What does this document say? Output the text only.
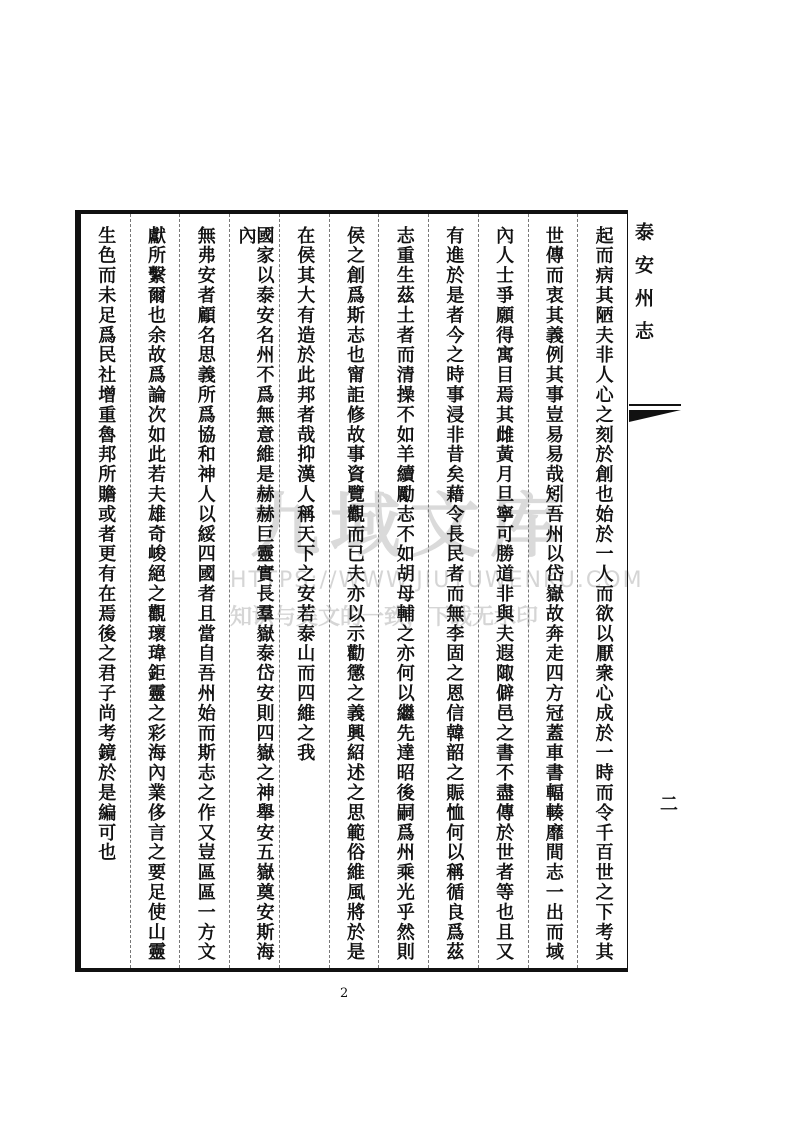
九域文库
HTTPS://WWW.JIUYUWENKU.COM
知识与美文的一致，下载无水印	起而病其陋夫非人心之刻於創也始於一人而欲以厭衆心成於一時而令千百世之下考其
世傳而衷其義例其事豈易易哉矧吾州以岱嶽故奔走四方冠蓋車書輻輳靡間志一出而域
內人士爭願得寓目焉其雌黃月旦寧可勝道非與夫遐陬僻邑之書不盡傳於世者等也且又
有進於是者今之時事浸非昔矣藉令長民者而無李固之恩信韓韶之賑恤何以稱循良爲茲
志重生茲土者而清操不如羊續勵志不如胡母輔之亦何以繼先達昭後嗣爲州乘光乎然則
侯之創爲斯志也甯詎修故事資覽觀而已夫亦以示勸懲之義興紹述之思範俗維風將於是
在侯其大有造於此邦者哉抑漢人稱天下之安若泰山而四維之我
國家以泰安名州不爲無意維是赫赫巨靈實長羣嶽泰岱安則四嶽之神舉安五嶽奠安斯海內
無弗安者顧名思義所爲協和神人以綏四國者且當自吾州始而斯志之作又豈區區一方文
獻所繫爾也余故爲論次如此若夫雄奇峻絕之觀瓌瑋鉅靈之彩海內業侈言之要足使山靈
生色而未足爲民社增重魯邦所贍或者更有在焉後之君子尚考鏡於是編可也	泰安州志
二
2
